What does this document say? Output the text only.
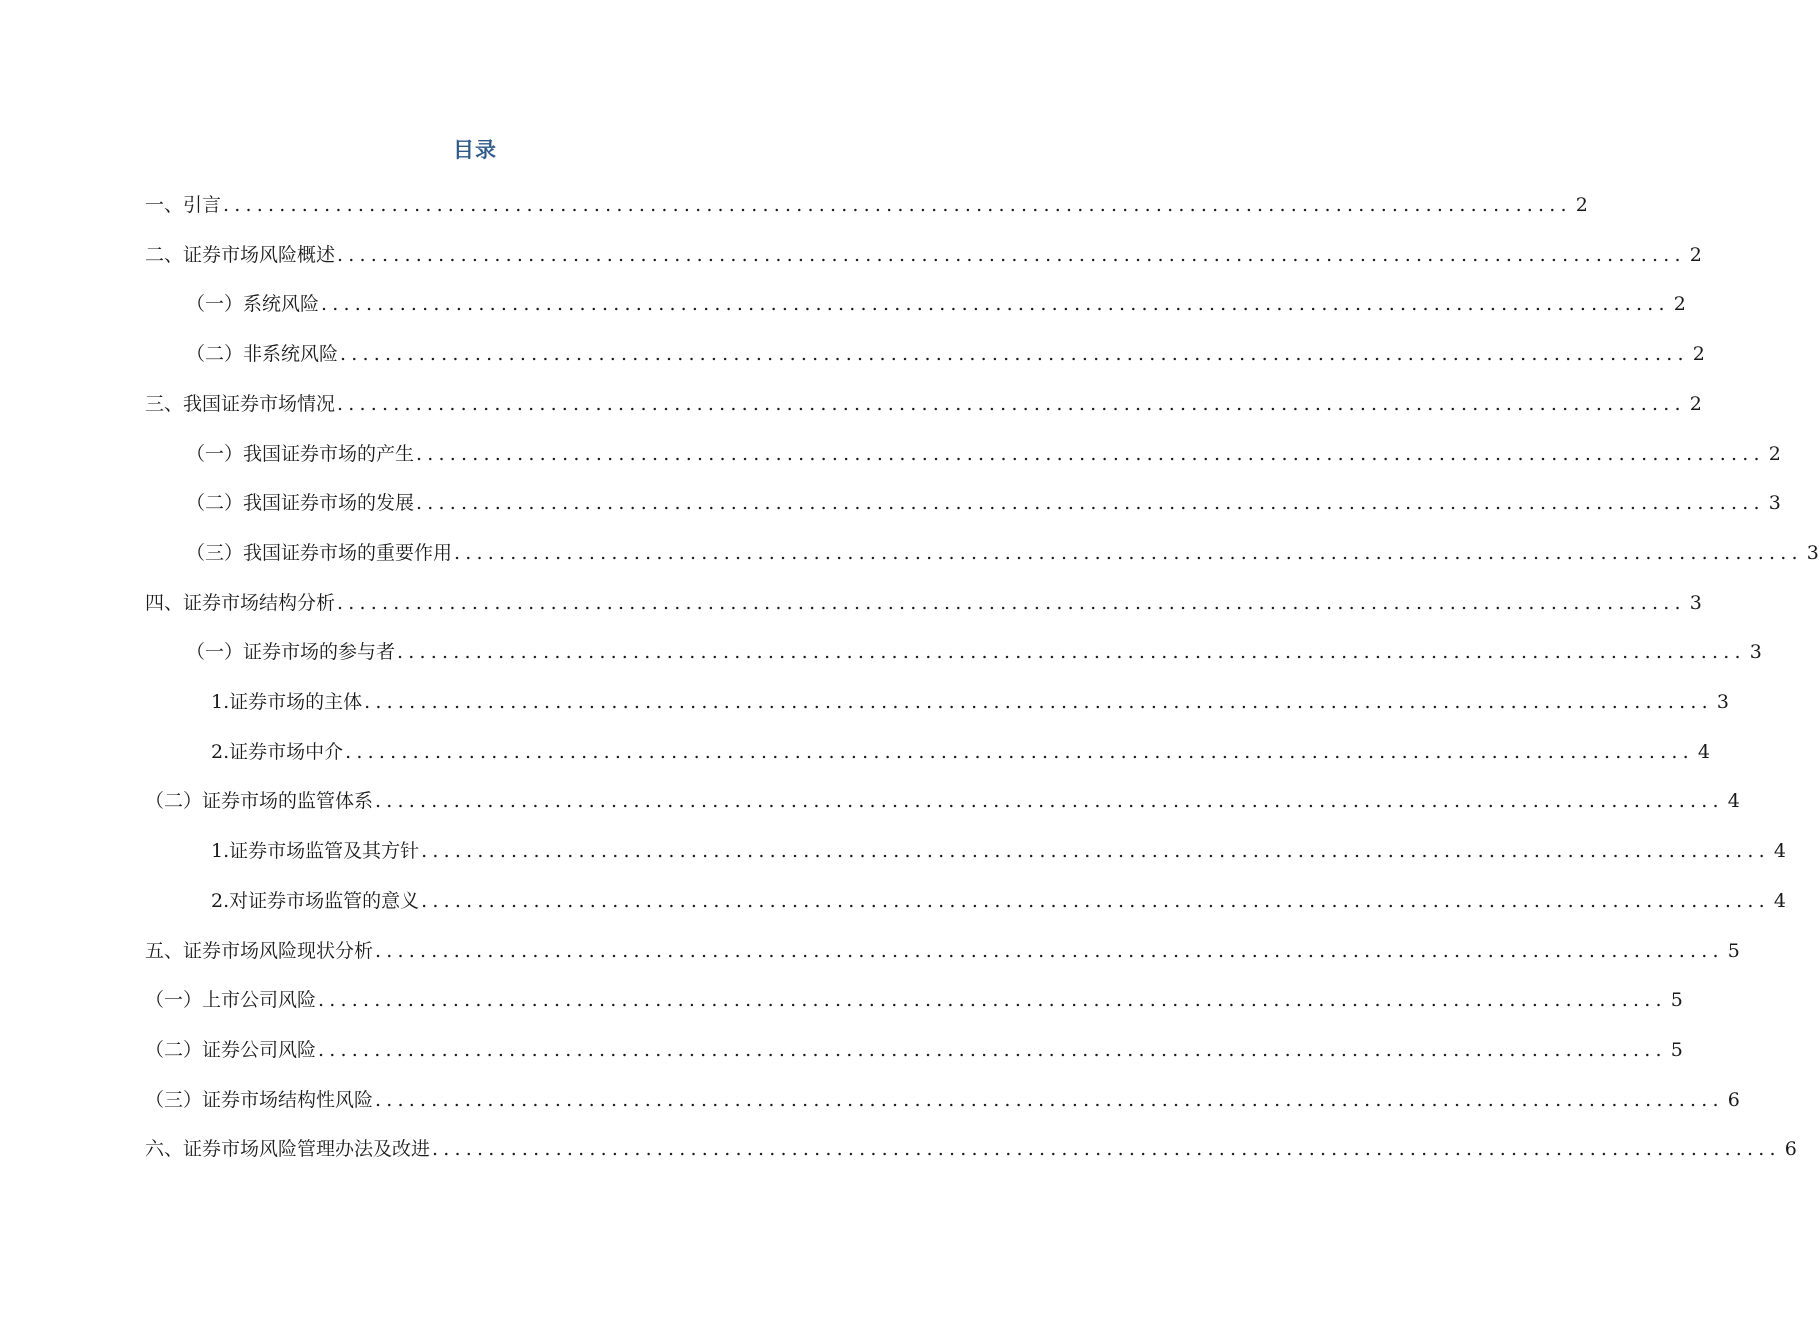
目录
一、引言 ........................................................................................................................ 2
二、证券市场风险概述 ........................................................................................................................ 2
（一）系统风险 ........................................................................................................................ 2
（二）非系统风险 ........................................................................................................................ 2
三、我国证券市场情况 ........................................................................................................................ 2
（一）我国证券市场的产生 ........................................................................................................................ 2
（二）我国证券市场的发展 ........................................................................................................................ 3
（三）我国证券市场的重要作用 ........................................................................................................................ 3
四、证券市场结构分析 ........................................................................................................................ 3
（一）证券市场的参与者 ........................................................................................................................ 3
1.证券市场的主体 ........................................................................................................................ 3
2.证券市场中介 ........................................................................................................................ 4
（二）证券市场的监管体系 ........................................................................................................................ 4
1.证券市场监管及其方针 ........................................................................................................................ 4
2.对证券市场监管的意义 ........................................................................................................................ 4
五、证券市场风险现状分析 ........................................................................................................................ 5
（一）上市公司风险 ........................................................................................................................ 5
（二）证券公司风险 ........................................................................................................................ 5
（三）证券市场结构性风险 ........................................................................................................................ 6
六、证券市场风险管理办法及改进 ........................................................................................................................ 6
